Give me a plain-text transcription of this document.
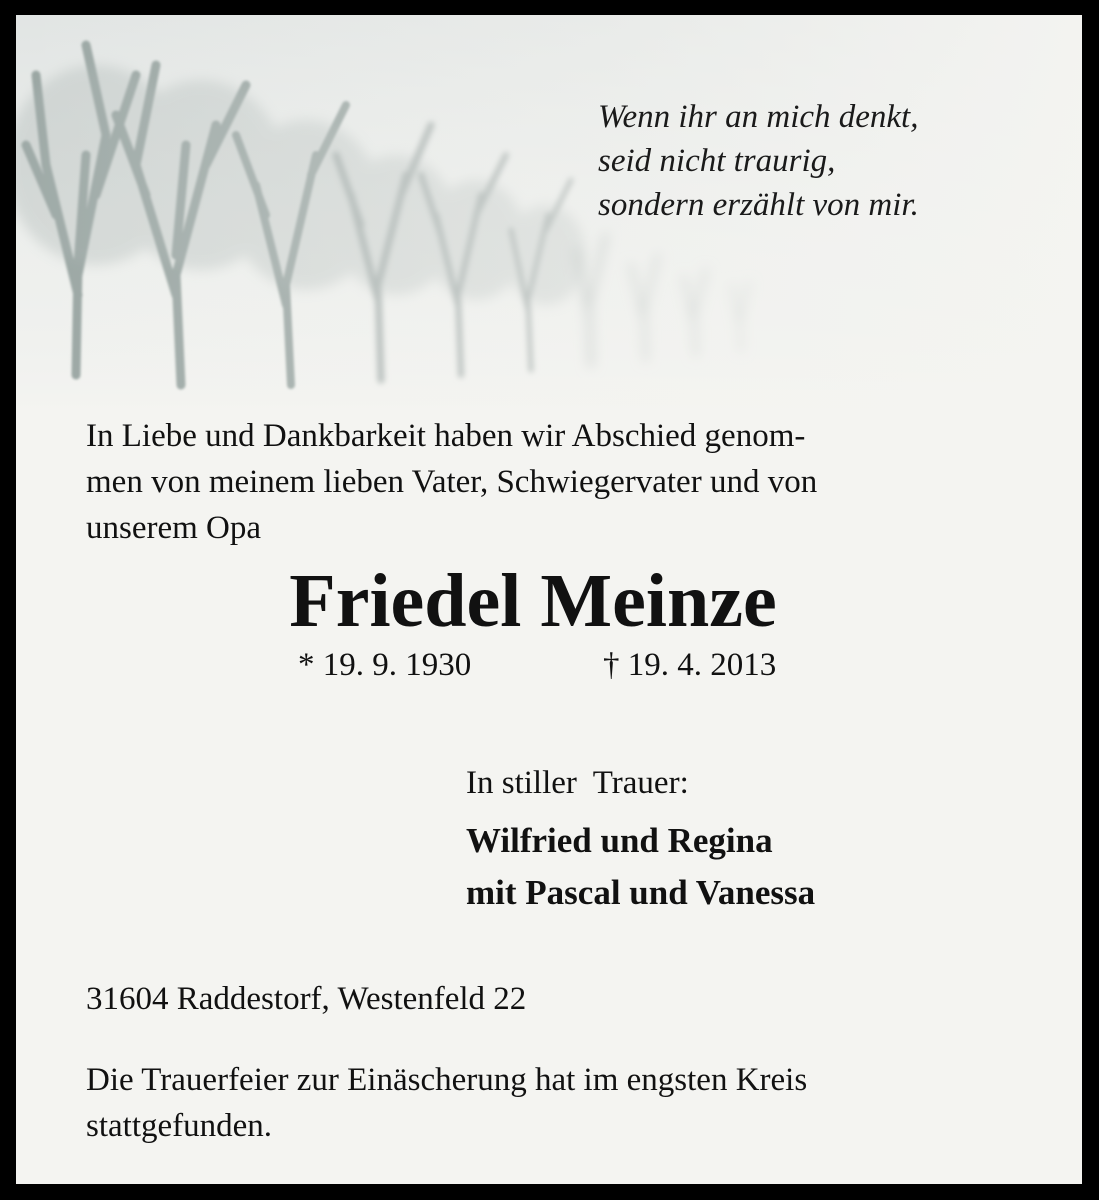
Wenn ihr an mich denkt,
seid nicht traurig,
sondern erzählt von mir.
In Liebe und Dankbarkeit haben wir Abschied genom-
men von meinem lieben Vater, Schwiegervater und von
unserem Opa
Friedel Meinze
* 19. 9. 1930	† 19. 4. 2013
In stiller  Trauer:
Wilfried und Regina
mit Pascal und Vanessa
31604 Raddestorf, Westenfeld 22
Die Trauerfeier zur Einäscherung hat im engsten Kreis
stattgefunden.
